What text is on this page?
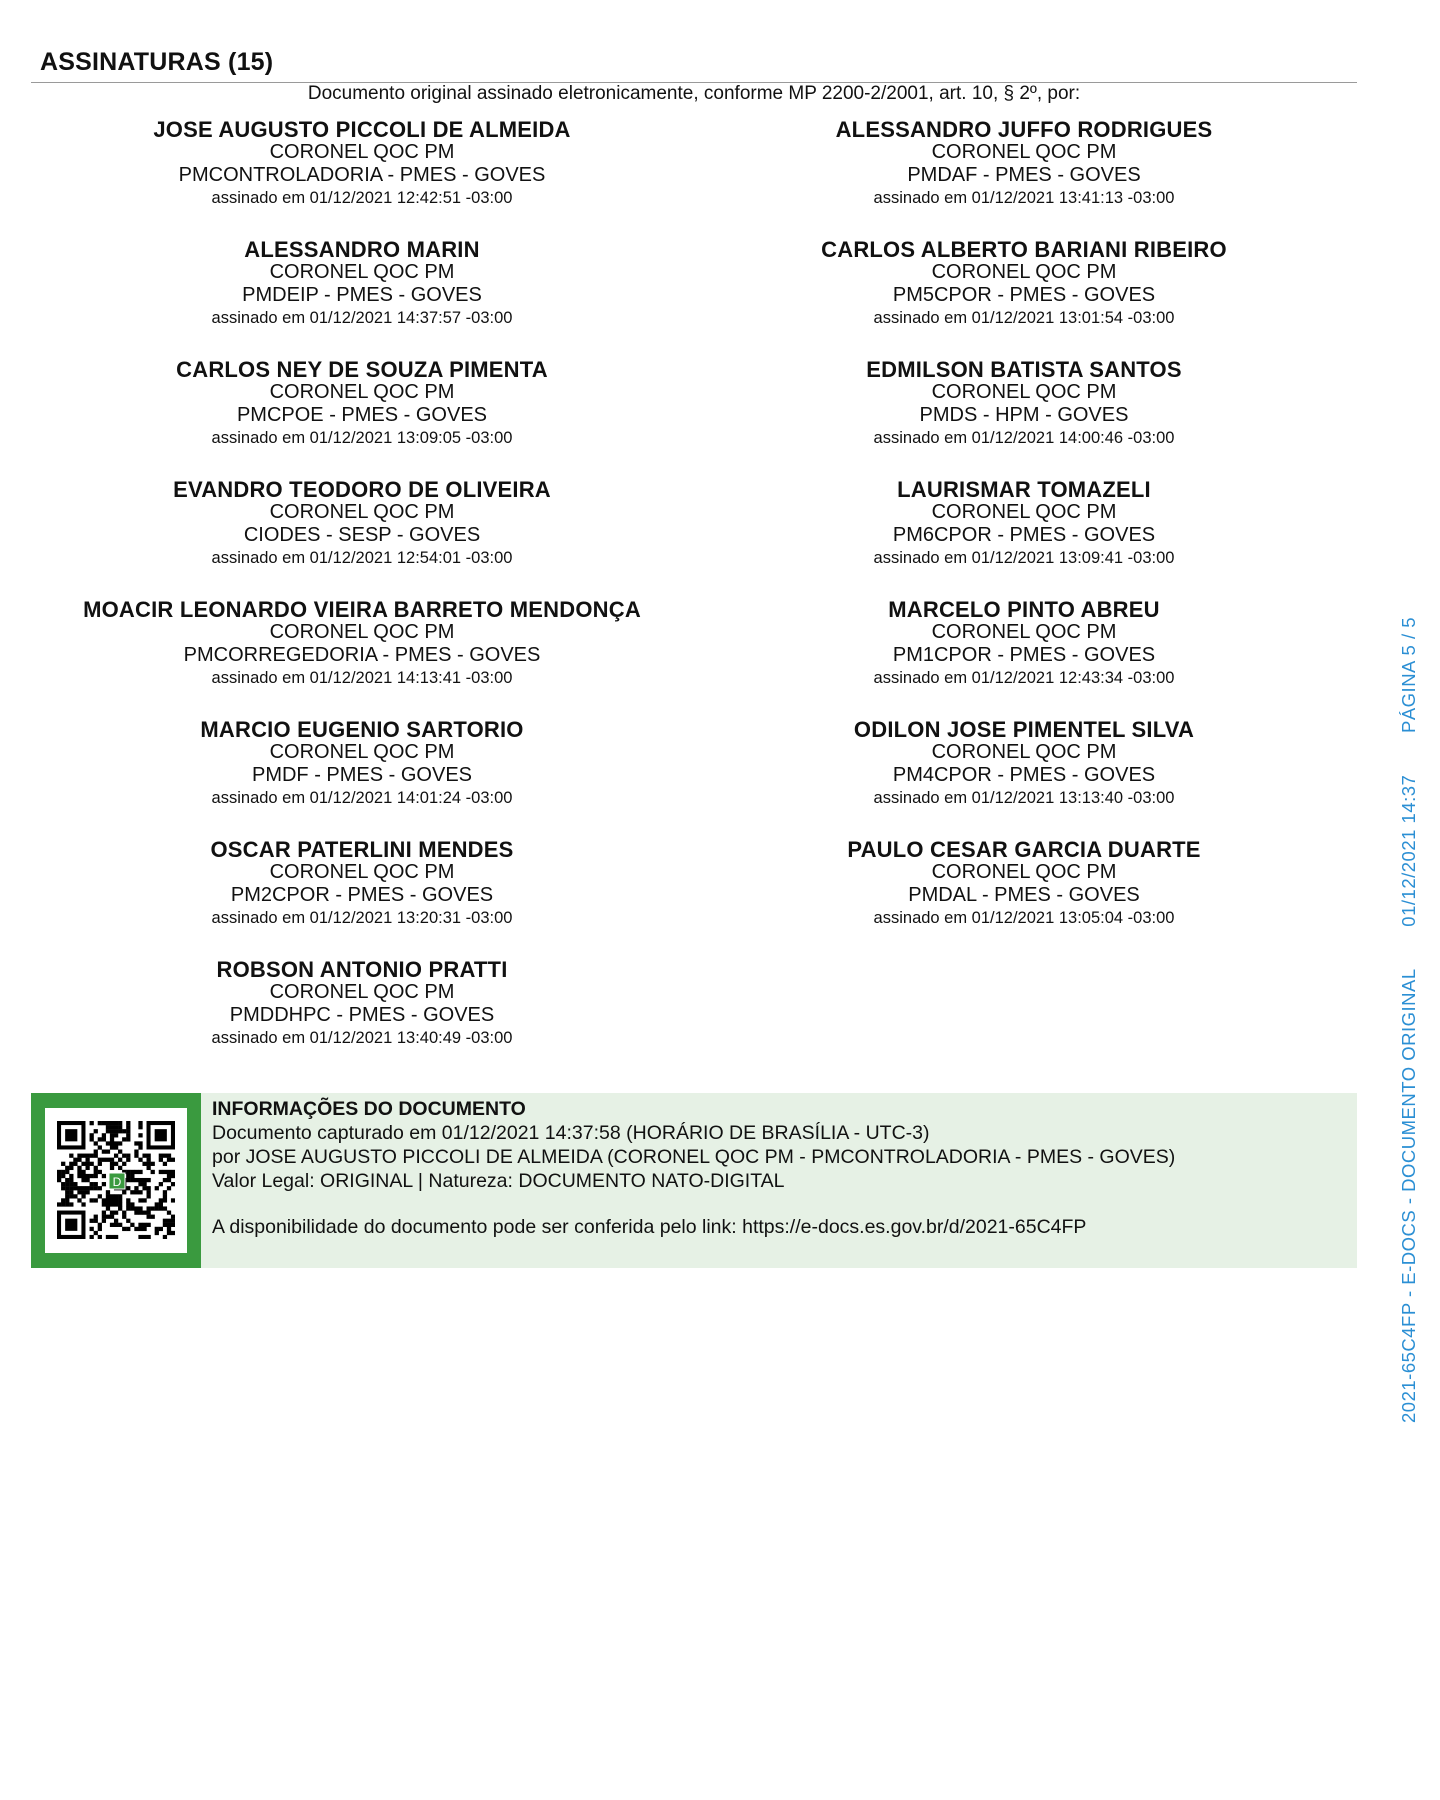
ASSINATURAS (15)
Documento original assinado eletronicamente, conforme MP 2200-2/2001, art. 10, § 2º, por:
JOSE AUGUSTO PICCOLI DE ALMEIDA
CORONEL QOC PM
PMCONTROLADORIA - PMES - GOVES
assinado em 01/12/2021 12:42:51 -03:00
ALESSANDRO MARIN
CORONEL QOC PM
PMDEIP - PMES - GOVES
assinado em 01/12/2021 14:37:57 -03:00
CARLOS NEY DE SOUZA PIMENTA
CORONEL QOC PM
PMCPOE - PMES - GOVES
assinado em 01/12/2021 13:09:05 -03:00
EVANDRO TEODORO DE OLIVEIRA
CORONEL QOC PM
CIODES - SESP - GOVES
assinado em 01/12/2021 12:54:01 -03:00
MOACIR LEONARDO VIEIRA BARRETO MENDONÇA
CORONEL QOC PM
PMCORREGEDORIA - PMES - GOVES
assinado em 01/12/2021 14:13:41 -03:00
MARCIO EUGENIO SARTORIO
CORONEL QOC PM
PMDF - PMES - GOVES
assinado em 01/12/2021 14:01:24 -03:00
OSCAR PATERLINI MENDES
CORONEL QOC PM
PM2CPOR - PMES - GOVES
assinado em 01/12/2021 13:20:31 -03:00
ROBSON ANTONIO PRATTI
CORONEL QOC PM
PMDDHPC - PMES - GOVES
assinado em 01/12/2021 13:40:49 -03:00
ALESSANDRO JUFFO RODRIGUES
CORONEL QOC PM
PMDAF - PMES - GOVES
assinado em 01/12/2021 13:41:13 -03:00
CARLOS ALBERTO BARIANI RIBEIRO
CORONEL QOC PM
PM5CPOR - PMES - GOVES
assinado em 01/12/2021 13:01:54 -03:00
EDMILSON BATISTA SANTOS
CORONEL QOC PM
PMDS - HPM - GOVES
assinado em 01/12/2021 14:00:46 -03:00
LAURISMAR TOMAZELI
CORONEL QOC PM
PM6CPOR - PMES - GOVES
assinado em 01/12/2021 13:09:41 -03:00
MARCELO PINTO ABREU
CORONEL QOC PM
PM1CPOR - PMES - GOVES
assinado em 01/12/2021 12:43:34 -03:00
ODILON JOSE PIMENTEL SILVA
CORONEL QOC PM
PM4CPOR - PMES - GOVES
assinado em 01/12/2021 13:13:40 -03:00
PAULO CESAR GARCIA DUARTE
CORONEL QOC PM
PMDAL - PMES - GOVES
assinado em 01/12/2021 13:05:04 -03:00
D
INFORMAÇÕES DO DOCUMENTO
Documento capturado em 01/12/2021 14:37:58 (HORÁRIO DE BRASÍLIA - UTC-3)
por JOSE AUGUSTO PICCOLI DE ALMEIDA (CORONEL QOC PM - PMCONTROLADORIA - PMES - GOVES)
Valor Legal: ORIGINAL | Natureza: DOCUMENTO NATO-DIGITAL
A disponibilidade do documento pode ser conferida pelo link: https://e-docs.es.gov.br/d/2021-65C4FP	2021-65C4FP - E-DOCS - DOCUMENTO ORIGINAL 01/12/2021 14:37 PÁGINA 5 / 5
